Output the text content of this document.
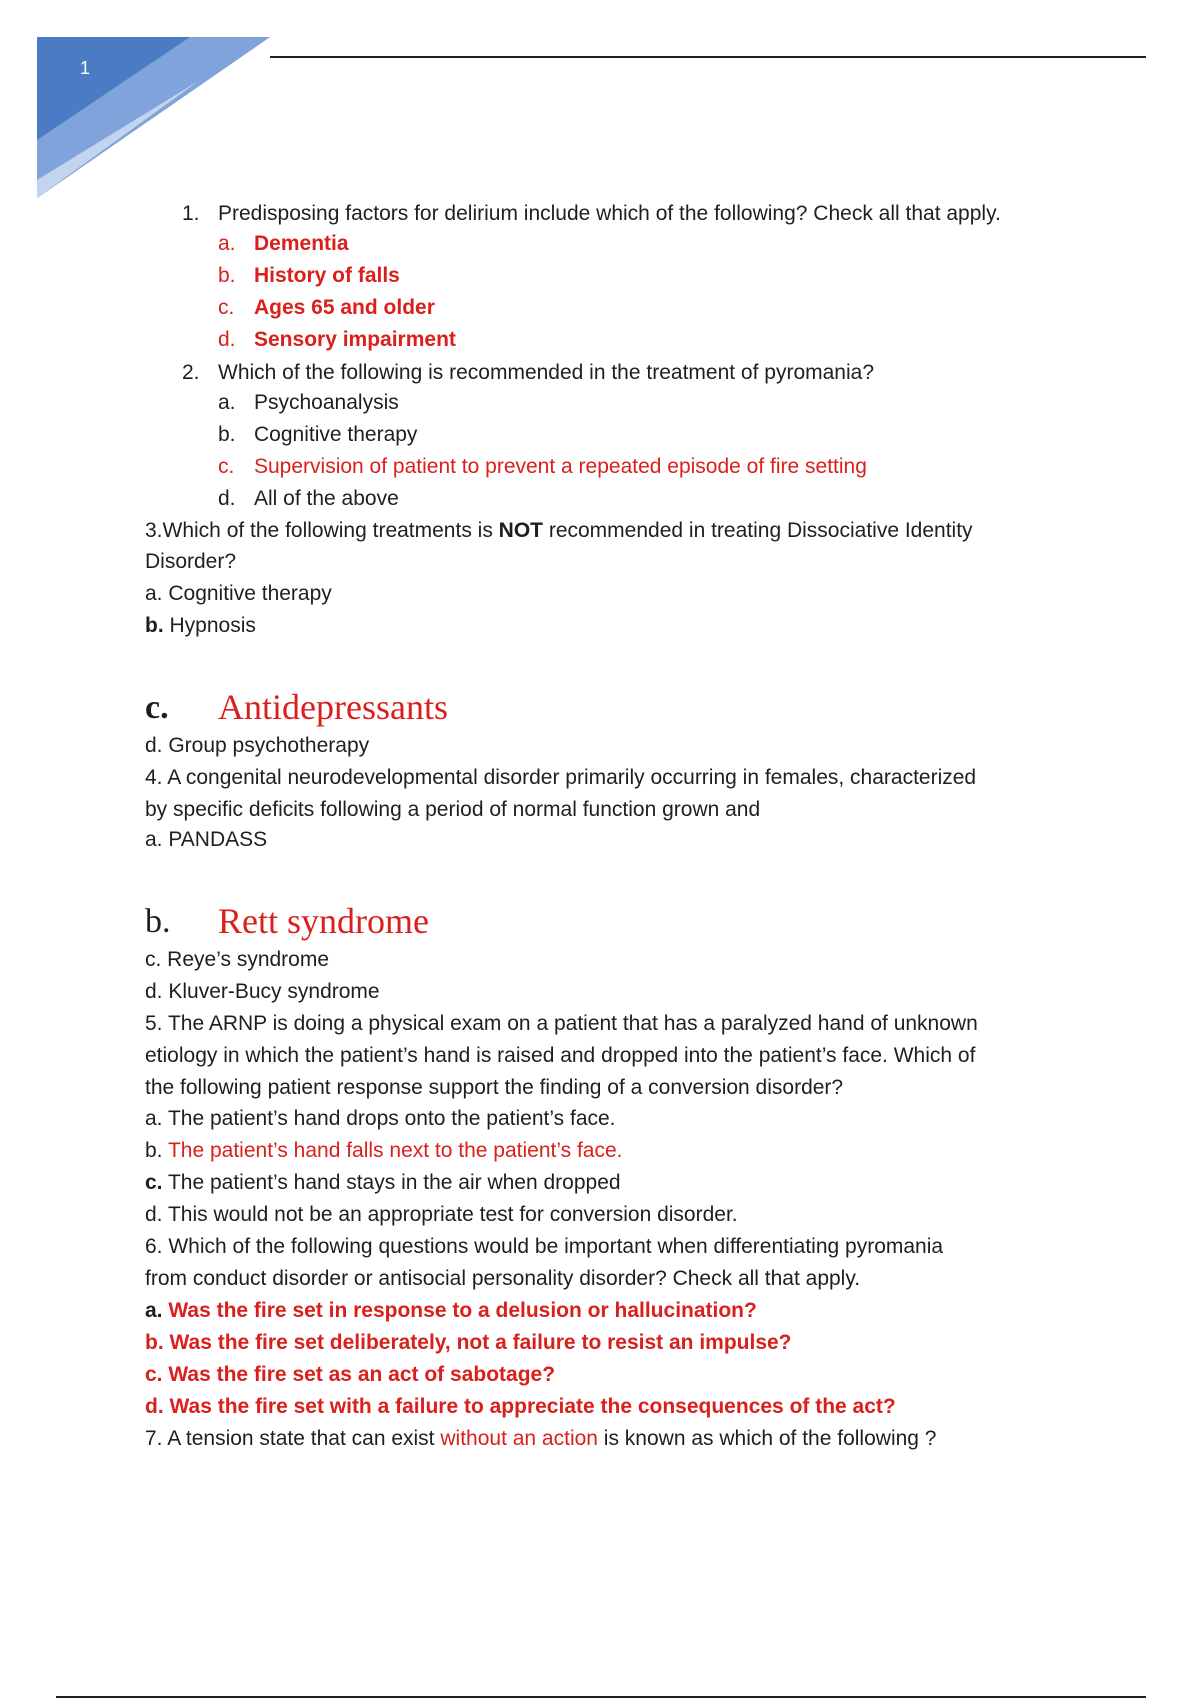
1
1. Predisposing factors for delirium include which of the following? Check all that apply.
a. Dementia
b. History of falls
c. Ages 65 and older
d. Sensory impairment
2. Which of the following is recommended in the treatment of pyromania?
a. Psychoanalysis
b. Cognitive therapy
c. Supervision of patient to prevent a repeated episode of fire setting
d. All of the above
3.Which of the following treatments is NOT recommended in treating Dissociative Identity
Disorder?
a. Cognitive therapy
b. Hypnosis
c. Antidepressants
d. Group psychotherapy
4. A congenital neurodevelopmental disorder primarily occurring in females, characterized
by specific deficits following a period of normal function grown and
a. PANDASS
b. Rett syndrome
c. Reye’s syndrome
d. Kluver-Bucy syndrome
5. The ARNP is doing a physical exam on a patient that has a paralyzed hand of unknown
etiology in which the patient’s hand is raised and dropped into the patient’s face. Which of
the following patient response support the finding of a conversion disorder?
a. The patient’s hand drops onto the patient’s face.
b. The patient’s hand falls next to the patient’s face.
c. The patient’s hand stays in the air when dropped
d. This would not be an appropriate test for conversion disorder.
6. Which of the following questions would be important when differentiating pyromania
from conduct disorder or antisocial personality disorder? Check all that apply.
a. Was the fire set in response to a delusion or hallucination?
b. Was the fire set deliberately, not a failure to resist an impulse?
c. Was the fire set as an act of sabotage?
d. Was the fire set with a failure to appreciate the consequences of the act?
7. A tension state that can exist without an action is known as which of the following ?
